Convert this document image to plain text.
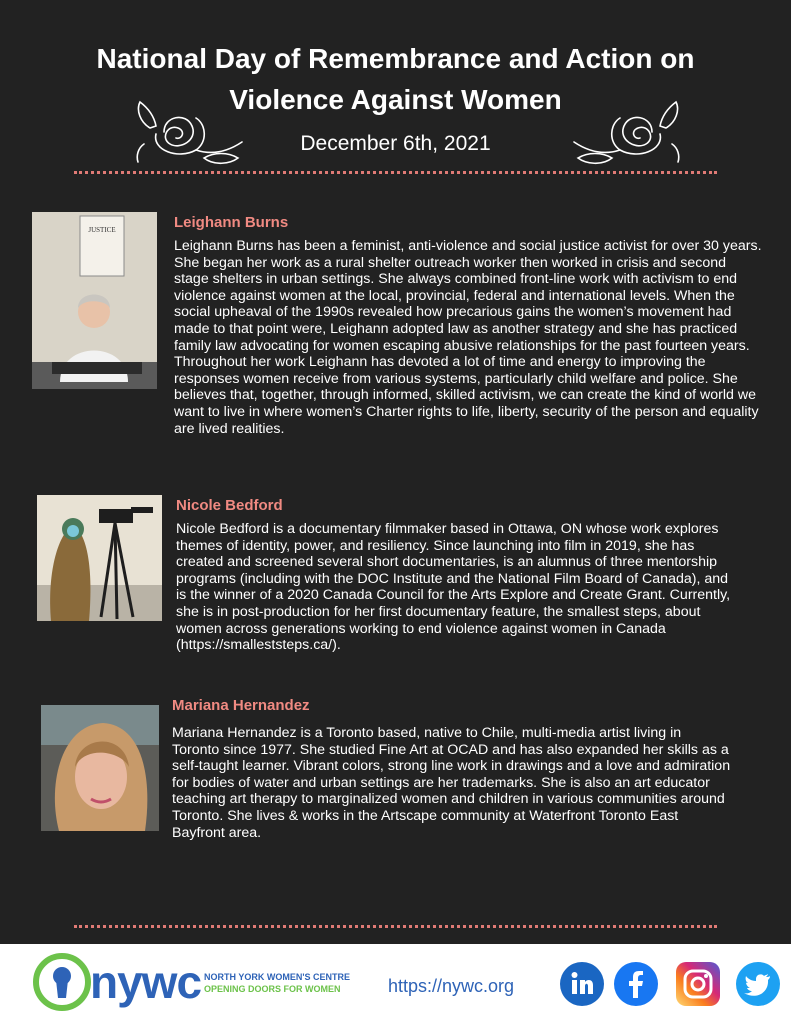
National Day of Remembrance and Action on Violence Against Women
December 6th, 2021
JUSTICE	Leighann Burns

Leighann Burns has been a feminist, anti-violence and social justice activist for over 30 years. She began her work as a rural shelter outreach worker then worked in crisis and second stage shelters in urban settings. She always combined front-line work with activism to end violence against women at the local, provincial, federal and international levels. When the social upheaval of the 1990s revealed how precarious gains the women’s movement had made to that point were, Leighann adopted law as another strategy and she has practiced family law advocating for women escaping abusive relationships for the past fourteen years. Throughout her work Leighann has devoted a lot of time and energy to improving the responses women receive from various systems, particularly child welfare and police. She believes that, together, through informed, skilled activism, we can create the kind of world we want to live in where women’s Charter rights to life, liberty, security of the person and equality are lived realities.

Nicole Bedford

Nicole Bedford is a documentary filmmaker based in Ottawa, ON whose work explores themes of identity, power, and resiliency. Since launching into film in 2019, she has created and screened several short documentaries, is an alumnus of three mentorship programs (including with the DOC Institute and the National Film Board of Canada), and is the winner of a 2020 Canada Council for the Arts Explore and Create Grant. Currently, she is in post-production for her first documentary feature, the smallest steps, about women across generations working to end violence against women in Canada (https://smalleststeps.ca/).

Mariana Hernandez

Mariana Hernandez is a Toronto based, native to Chile, multi-media artist living in Toronto since 1977. She studied Fine Art at OCAD and has also expanded her skills as a self-taught learner. Vibrant colors, strong line work in drawings and a love and admiration for bodies of water and urban settings are her trademarks. She is also an art educator teaching art therapy to marginalized women and children in various communities around Toronto. She lives & works in the Artscape community at Waterfront Toronto East Bayfront area.

nywc NORTH YORK WOMEN'S CENTRE
OPENING DOORS FOR WOMEN	https://nywc.org
